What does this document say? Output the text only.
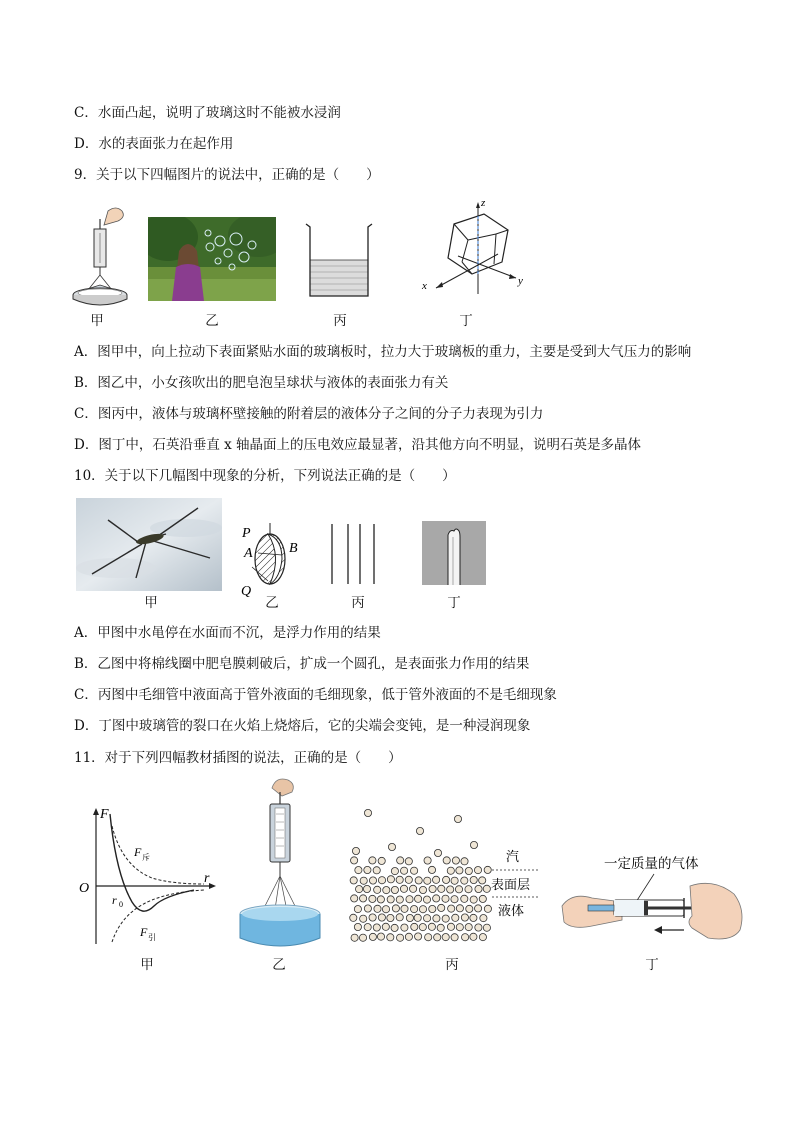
C．水面凸起，说明了玻璃这时不能被水浸润
D．水的表面张力在起作用
9．关于以下四幅图片的说法中，正确的是（　　）
甲	乙	丙
z
x	y
丁
A．图甲中，向上拉动下表面紧贴水面的玻璃板时，拉力大于玻璃板的重力，主要是受到大气压力的影响
B．图乙中，小女孩吹出的肥皂泡呈球状与液体的表面张力有关
C．图丙中，液体与玻璃杯壁接触的附着层的液体分子之间的分子力表现为引力
D．图丁中，石英沿垂直 x 轴晶面上的压电效应最显著，沿其他方向不明显，说明石英是多晶体
10．关于以下几幅图中现象的分析，下列说法正确的是（　　）
甲
P
A	B
Q
乙	丙	丁
A．甲图中水黾停在水面而不沉，是浮力作用的结果
B．乙图中将棉线圈中肥皂膜刺破后，扩成一个圆孔，是表面张力作用的结果
C．丙图中毛细管中液面高于管外液面的毛细现象，低于管外液面的不是毛细现象
D．丁图中玻璃管的裂口在火焰上烧熔后，它的尖端会变钝，是一种浸润现象
11．对于下列四幅教材插图的说法，正确的是（　　）
F
r
O
r 0
F 斥
F 引
甲	乙
汽
表面层
液体
丙
一定质量的气体
丁
